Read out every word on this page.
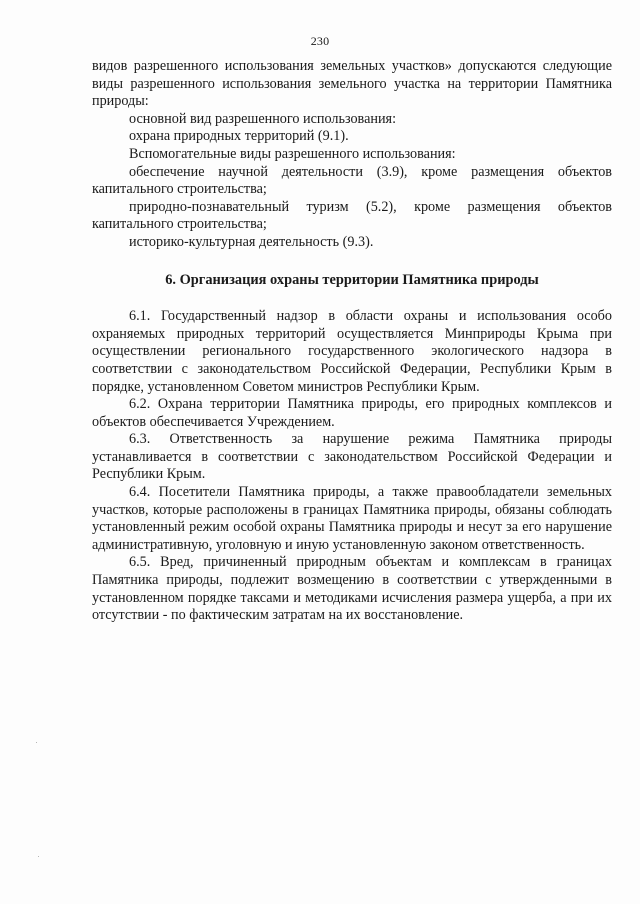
230

видов разрешенного использования земельных участков» допускаются следующие виды разрешенного использования земельного участка на территории Памятника природы:

основной вид разрешенного использования:

охрана природных территорий (9.1).

Вспомогательные виды разрешенного использования:

обеспечение научной деятельности (3.9), кроме размещения объектов капитального строительства;

природно-познавательный туризм (5.2), кроме размещения объектов капитального строительства;

историко-культурная деятельность (9.3).

6. Организация охраны территории Памятника природы

6.1. Государственный надзор в области охраны и использования особо охраняемых природных территорий осуществляется Минприроды Крыма при осуществлении регионального государственного экологического надзора в соответствии с законодательством Российской Федерации, Республики Крым в порядке, установленном Советом министров Республики Крым.

6.2. Охрана территории Памятника природы, его природных комплексов и объектов обеспечивается Учреждением.

6.3. Ответственность за нарушение режима Памятника природы устанавливается в соответствии с законодательством Российской Федерации и Республики Крым.

6.4. Посетители Памятника природы, а также правообладатели земельных участков, которые расположены в границах Памятника природы, обязаны соблюдать установленный режим особой охраны Памятника природы и несут за его нарушение административную, уголовную и иную установленную законом ответственность.

6.5. Вред, причиненный природным объектам и комплексам в границах Памятника природы, подлежит возмещению в соответствии с утвержденными в установленном порядке таксами и методиками исчисления размера ущерба, а при их отсутствии - по фактическим затратам на их восстановление.
